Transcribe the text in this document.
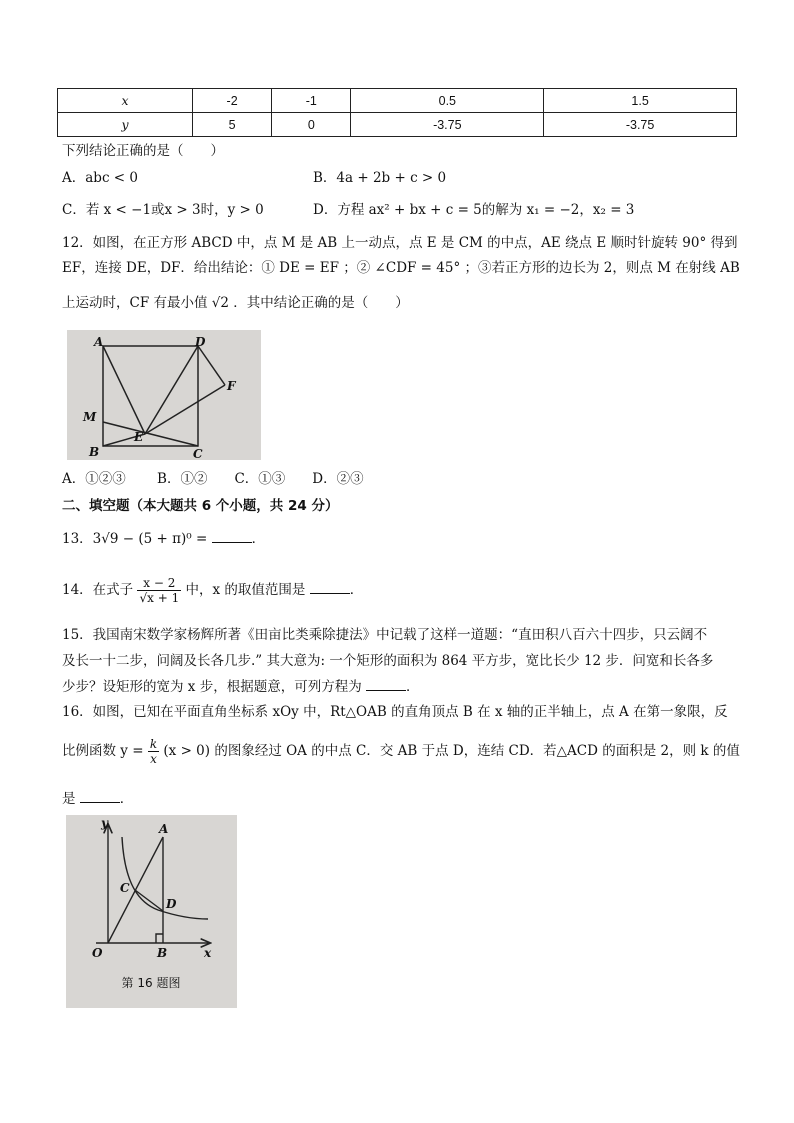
x	-2	-1	0.5	1.5
y	5	0	-3.75	-3.75
下列结论正确的是（　　）
A．abc < 0	B．4a + 2b + c > 0
C．若 x < −1或x > 3时，y > 0	D．方程 ax² + bx + c = 5的解为 x₁ = −2，x₂ = 3
12．如图，在正方形 ABCD 中，点 M 是 AB 上一动点，点 E 是 CM 的中点，AE 绕点 E 顺时针旋转 90° 得到
EF，连接 DE，DF．给出结论：① DE = EF ；② ∠CDF = 45° ；③若正方形的边长为 2，则点 M 在射线 AB
上运动时，CF 有最小值 √2 ．其中结论正确的是（　　）
A	D
F
M
E
B	C
A．①②③　　 B．①②　　C．①③　　D．②③
二、填空题（本大题共 6 个小题，共 24 分）
13．3√9 − (5 + π)⁰ =	．
14．在式子 $\frac{x - 2}{√x + 1}$ 中，x 的取值范围是	．
15．我国南宋数学家杨辉所著《田亩比类乘除捷法》中记载了这样一道题：“直田积八百六十四步，只云阔不
及长一十二步，问阔及长各几步.” 其大意为: 一个矩形的面积为 864 平方步，宽比长少 12 步．问宽和长各多
少步？设矩形的宽为 x 步，根据题意，可列方程为	．
16．如图，已知在平面直角坐标系 xOy 中，Rt△OAB 的直角顶点 B 在 x 轴的正半轴上，点 A 在第一象限，反
比例函数 $y = \frac{k}{x} (x > 0)$ 的图象经过 OA 的中点 C．交 AB 于点 D，连结 CD．若△ACD 的面积是 2，则 k 的值
是	．
y
x
O
A
B
C
D
第 16 题图
